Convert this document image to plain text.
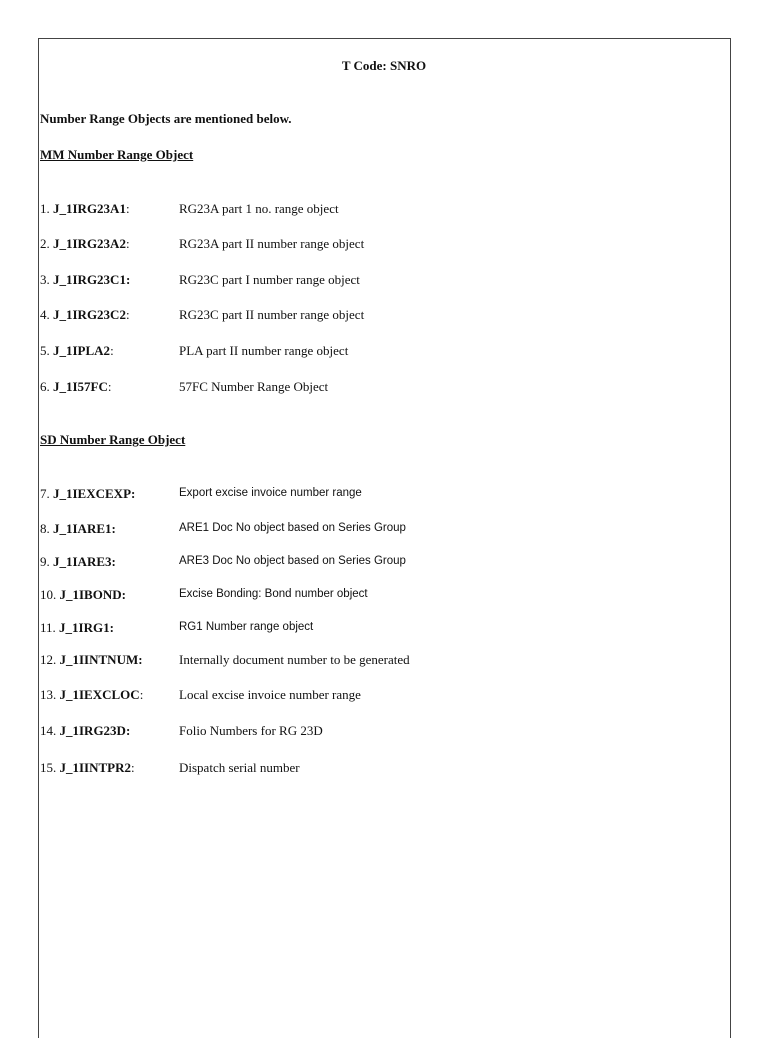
T Code: SNRO
Number Range Objects are mentioned below.
MM Number Range Object
1. J_1IRG23A1:	RG23A part 1 no. range object
2. J_1IRG23A2:	RG23A part II number range object
3. J_1IRG23C1:	RG23C part I number range object
4. J_1IRG23C2:	RG23C part II number range object
5. J_1IPLA2:	PLA part II number range object
6. J_1I57FC:	57FC Number Range Object
SD Number Range Object
7. J_1IEXCEXP:	Export excise invoice number range
8. J_1IARE1:	ARE1 Doc No object based on Series Group
9. J_1IARE3:	ARE3 Doc No object based on Series Group
10. J_1IBOND:	Excise Bonding: Bond number object
11. J_1IRG1:	RG1 Number range object
12. J_1IINTNUM:	Internally document number to be generated
13. J_1IEXCLOC:	Local excise invoice number range
14. J_1IRG23D:	Folio Numbers for RG 23D
15. J_1IINTPR2:	Dispatch serial number
